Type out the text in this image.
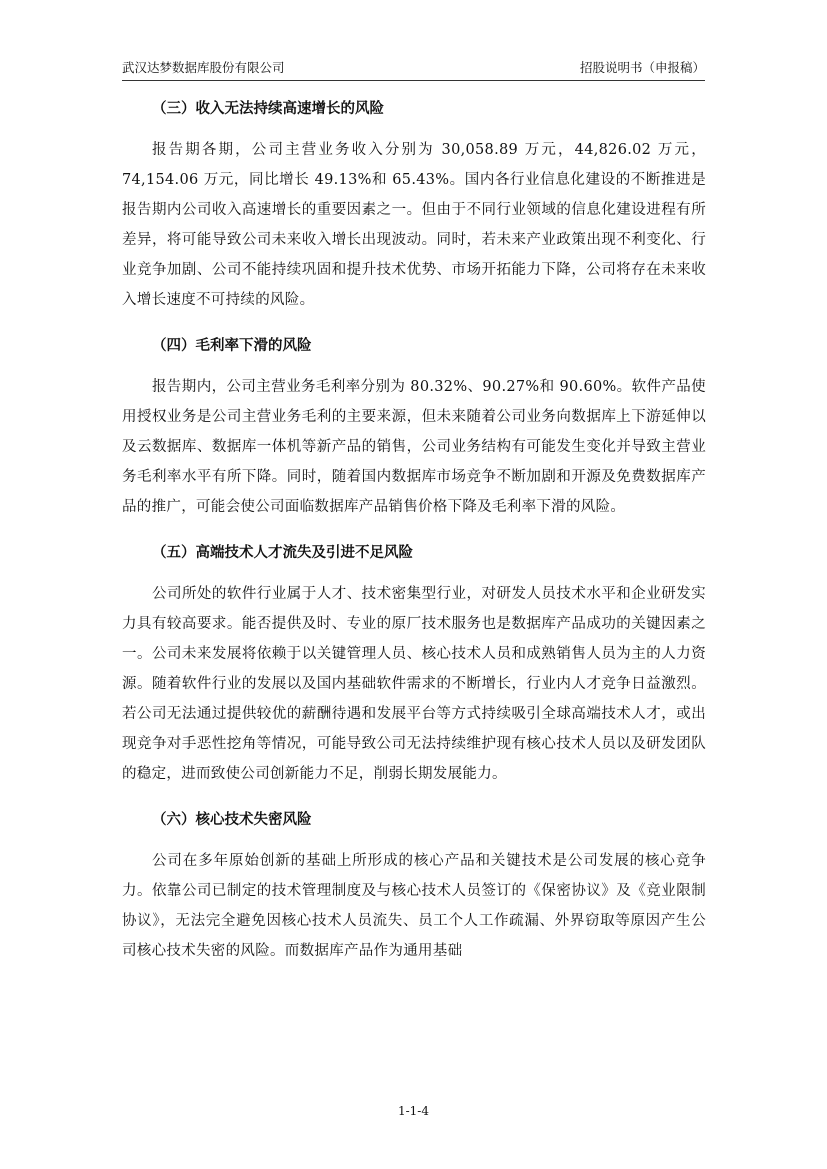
武汉达梦数据库股份有限公司	招股说明书（申报稿）
（三）收入无法持续高速增长的风险

报告期各期，公司主营业务收入分别为 30,058.89 万元，44,826.02 万元，74,154.06 万元，同比增长 49.13%和 65.43%。国内各行业信息化建设的不断推进是报告期内公司收入高速增长的重要因素之一。但由于不同行业领域的信息化建设进程有所差异，将可能导致公司未来收入增长出现波动。同时，若未来产业政策出现不利变化、行业竞争加剧、公司不能持续巩固和提升技术优势、市场开拓能力下降，公司将存在未来收入增长速度不可持续的风险。

（四）毛利率下滑的风险

报告期内，公司主营业务毛利率分别为 80.32%、90.27%和 90.60%。软件产品使用授权业务是公司主营业务毛利的主要来源，但未来随着公司业务向数据库上下游延伸以及云数据库、数据库一体机等新产品的销售，公司业务结构有可能发生变化并导致主营业务毛利率水平有所下降。同时，随着国内数据库市场竞争不断加剧和开源及免费数据库产品的推广，可能会使公司面临数据库产品销售价格下降及毛利率下滑的风险。

（五）高端技术人才流失及引进不足风险

公司所处的软件行业属于人才、技术密集型行业，对研发人员技术水平和企业研发实力具有较高要求。能否提供及时、专业的原厂技术服务也是数据库产品成功的关键因素之一。公司未来发展将依赖于以关键管理人员、核心技术人员和成熟销售人员为主的人力资源。随着软件行业的发展以及国内基础软件需求的不断增长，行业内人才竞争日益激烈。若公司无法通过提供较优的薪酬待遇和发展平台等方式持续吸引全球高端技术人才，或出现竞争对手恶性挖角等情况，可能导致公司无法持续维护现有核心技术人员以及研发团队的稳定，进而致使公司创新能力不足，削弱长期发展能力。

（六）核心技术失密风险

公司在多年原始创新的基础上所形成的核心产品和关键技术是公司发展的核心竞争力。依靠公司已制定的技术管理制度及与核心技术人员签订的《保密协议》及《竞业限制协议》，无法完全避免因核心技术人员流失、员工个人工作疏漏、外界窃取等原因产生公司核心技术失密的风险。而数据库产品作为通用基础

1-1-4
